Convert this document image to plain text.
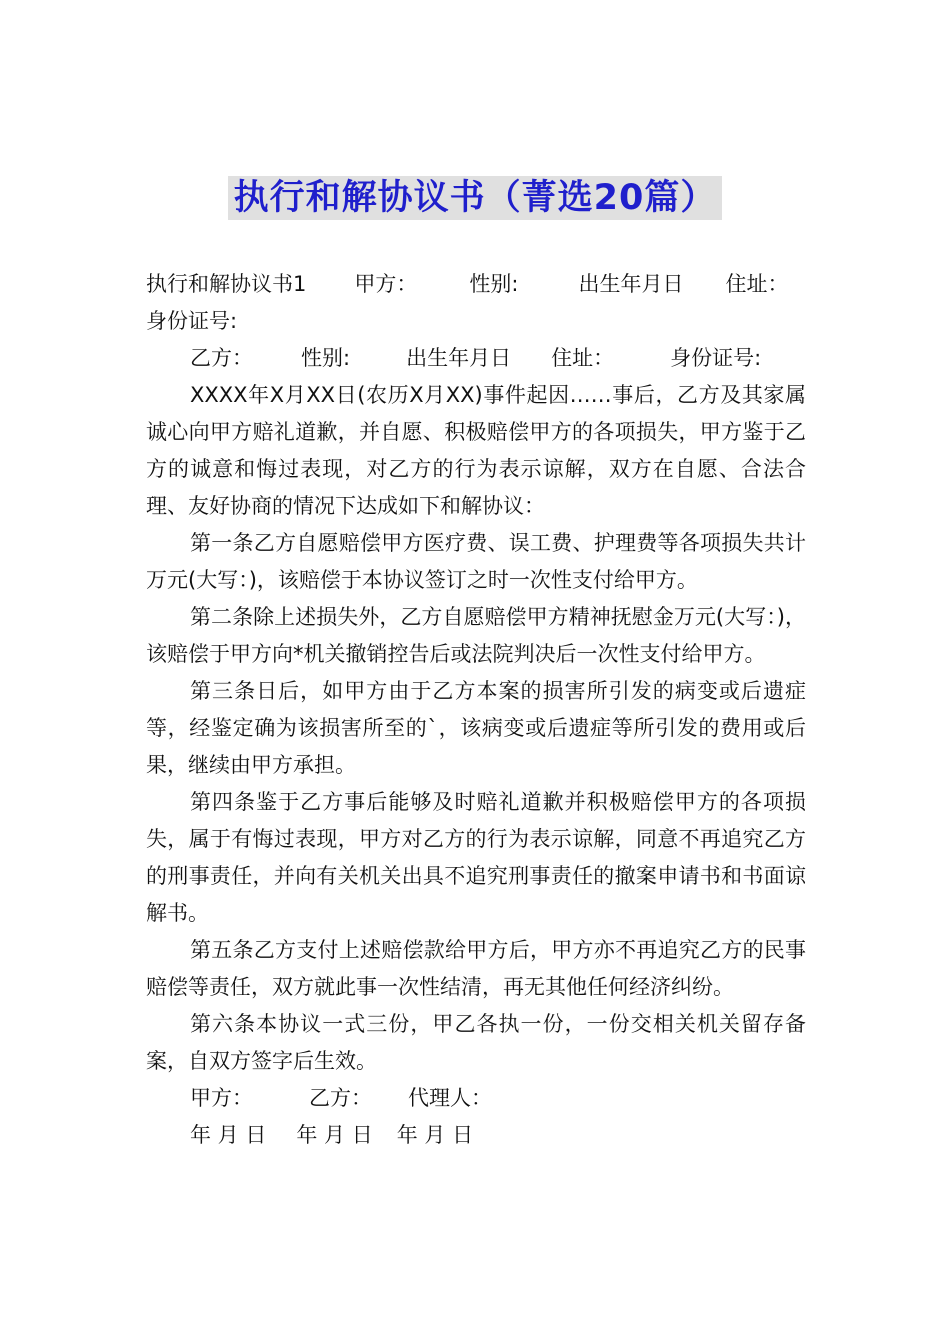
执行和解协议书（菁选20篇）
执行和解协议书1 甲方： 性别:	出生年月日 住址：
身份证号:
乙方： 性别:	出生年月日 住址：	身份证号:

XXXX年X月XX日(农历X月XX)事件起因……事后，乙方及其家属诚心向甲方赔礼道歉，并自愿、积极赔偿甲方的各项损失，甲方鉴于乙方的诚意和悔过表现，对乙方的行为表示谅解，双方在自愿、合法合理、友好协商的情况下达成如下和解协议：

第一条乙方自愿赔偿甲方医疗费、误工费、护理费等各项损失共计万元(大写：)，该赔偿于本协议签订之时一次性支付给甲方。

第二条除上述损失外，乙方自愿赔偿甲方精神抚慰金万元(大写：)，该赔偿于甲方向*机关撤销控告后或法院判决后一次性支付给甲方。

第三条日后，如甲方由于乙方本案的损害所引发的病变或后遗症等，经鉴定确为该损害所至的`，该病变或后遗症等所引发的费用或后果，继续由甲方承担。

第四条鉴于乙方事后能够及时赔礼道歉并积极赔偿甲方的各项损失，属于有悔过表现，甲方对乙方的行为表示谅解，同意不再追究乙方的刑事责任，并向有关机关出具不追究刑事责任的撤案申请书和书面谅解书。

第五条乙方支付上述赔偿款给甲方后，甲方亦不再追究乙方的民事赔偿等责任，双方就此事一次性结清，再无其他任何经济纠纷。

第六条本协议一式三份，甲乙各执一份，一份交相关机关留存备案，自双方签字后生效。

甲方：	乙方： 代理人：
年 月 日 年 月 日 年 月 日
